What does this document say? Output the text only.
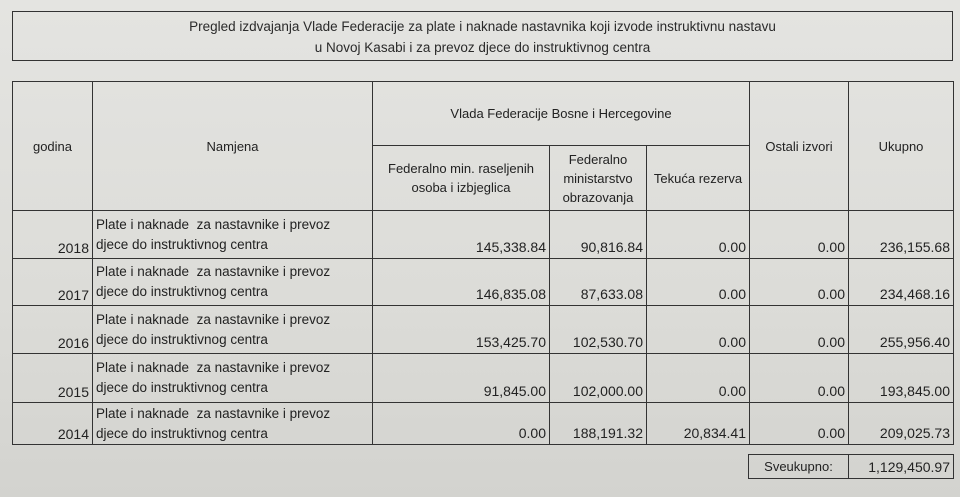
Pregled izdvajanja Vlade Federacije za plate i naknade nastavnika koji izvode instruktivnu nastavu
u Novoj Kasabi i za prevoz djece do instruktivnog centra
godina	Namjena	Vlada Federacije Bosne i Hercegovine			Ostali izvori	Ukupno
		Federalno min. raseljenih osoba i izbjeglica	Federalno ministarstvo obrazovanja	Tekuća rezerva		
2018	Plate i naknade  za nastavnike i prevoz
djece do instruktivnog centra	145,338.84	90,816.84	0.00	0.00	236,155.68
2017	Plate i naknade  za nastavnike i prevoz
djece do instruktivnog centra	146,835.08	87,633.08	0.00	0.00	234,468.16
2016	Plate i naknade  za nastavnike i prevoz
djece do instruktivnog centra	153,425.70	102,530.70	0.00	0.00	255,956.40
2015	Plate i naknade  za nastavnike i prevoz
djece do instruktivnog centra	91,845.00	102,000.00	0.00	0.00	193,845.00
2014	Plate i naknade  za nastavnike i prevoz
djece do instruktivnog centra	0.00	188,191.32	20,834.41	0.00	209,025.73
Sveukupno:	1,129,450.97
